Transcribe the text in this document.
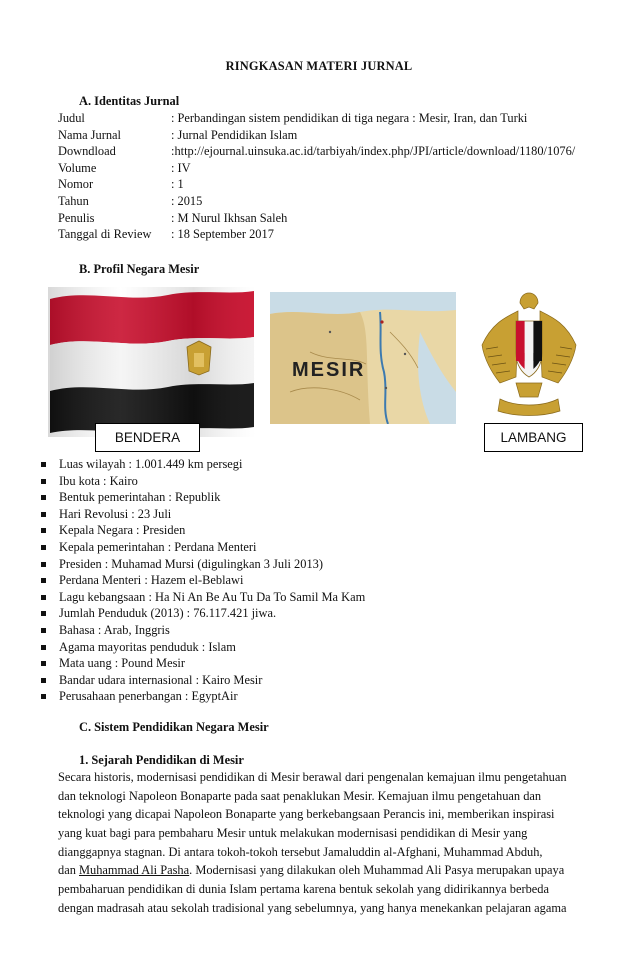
RINGKASAN MATERI JURNAL
A. Identitas Jurnal
Judul	: Perbandingan sistem pendidikan di tiga negara : Mesir, Iran, dan Turki
Nama Jurnal	: Jurnal Pendidikan Islam
Downdload	:http://ejournal.uinsuka.ac.id/tarbiyah/index.php/JPI/article/download/1180/1076/
Volume	: IV
Nomor	: 1
Tahun	: 2015
Penulis	: M Nurul Ikhsan Saleh
Tanggal di Review : 18 September 2017
B. Profil Negara Mesir
BENDERA
MESIR
LAMBANG
Luas wilayah : 1.001.449 km persegi
Ibu kota : Kairo
Bentuk pemerintahan : Republik
Hari Revolusi : 23 Juli
Kepala Negara : Presiden
Kepala pemerintahan : Perdana Menteri
Presiden : Muhamad Mursi (digulingkan 3 Juli 2013)
Perdana Menteri : Hazem el-Beblawi
Lagu kebangsaan : Ha Ni An Be Au Tu Da To Samil Ma Kam
Jumlah Penduduk (2013) : 76.117.421 jiwa.
Bahasa : Arab, Inggris
Agama mayoritas penduduk : Islam
Mata uang : Pound Mesir
Bandar udara internasional : Kairo Mesir
Perusahaan penerbangan : EgyptAir
C. Sistem Pendidikan Negara Mesir
1. Sejarah Pendidikan di Mesir
Secara historis, modernisasi pendidikan di Mesir berawal dari pengenalan kemajuan ilmu pengetahuan
dan teknologi Napoleon Bonaparte pada saat penaklukan Mesir. Kemajuan ilmu pengetahuan dan
teknologi yang dicapai Napoleon Bonaparte yang berkebangsaan Perancis ini, memberikan inspirasi
yang kuat bagi para pembaharu Mesir untuk melakukan modernisasi pendidikan di Mesir yang
dianggapnya stagnan. Di antara tokoh-tokoh tersebut Jamaluddin al-Afghani, Muhammad Abduh,
dan Muhammad Ali Pasha. Modernisasi yang dilakukan oleh Muhammad Ali Pasya merupakan upaya
pembaharuan pendidikan di dunia Islam pertama karena bentuk sekolah yang didirikannya berbeda
dengan madrasah atau sekolah tradisional yang sebelumnya, yang hanya menekankan pelajaran agama
